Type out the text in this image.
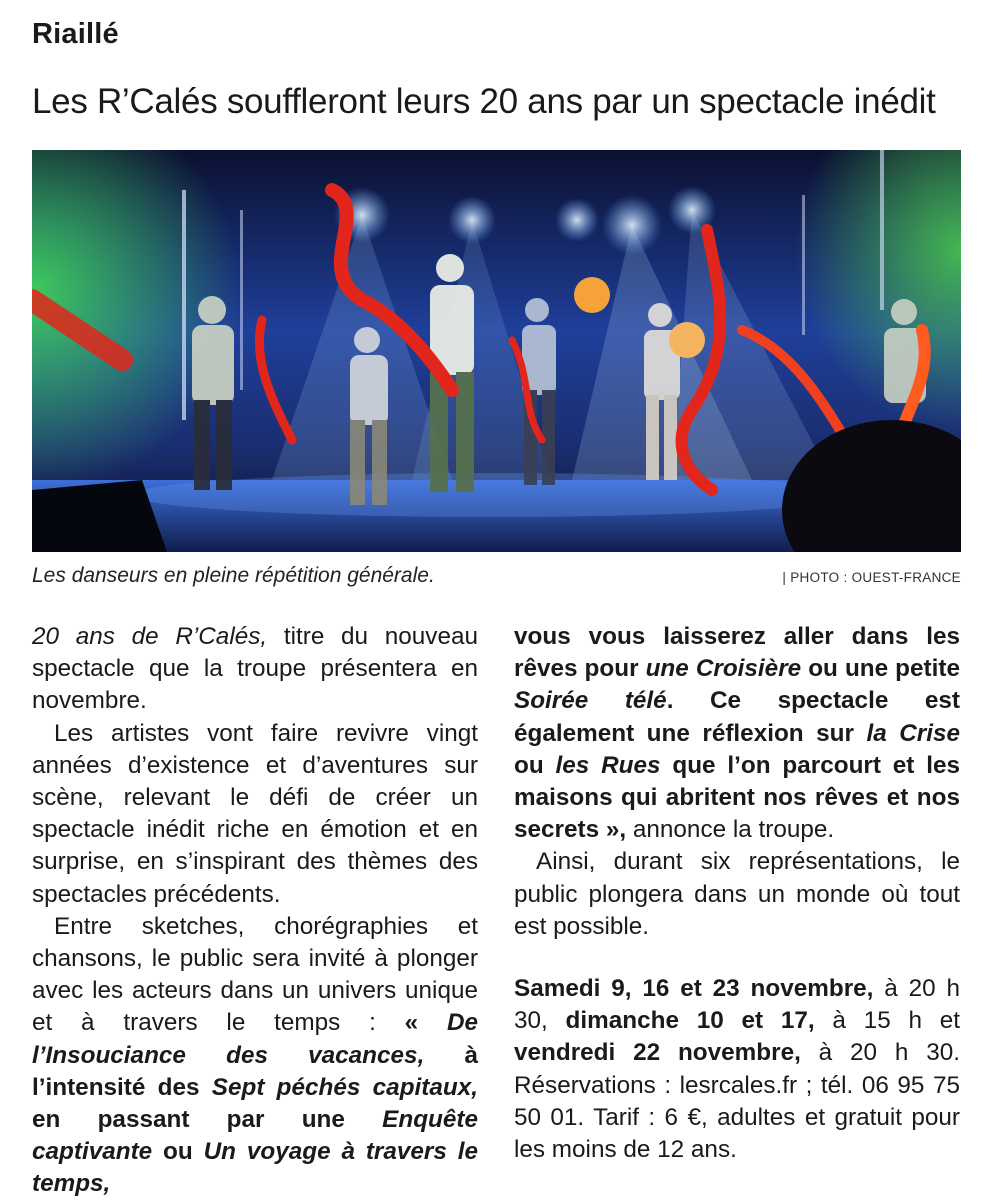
Riaillé
Les R’Calés souffleront leurs 20 ans par un spectacle inédit
Les danseurs en pleine répétition générale.	| PHOTO : OUEST-FRANCE

20 ans de R’Calés, titre du nouveau spectacle que la troupe présentera en novembre.

Les artistes vont faire revivre vingt années d’existence et d’aventures sur scène, relevant le défi de créer un spectacle inédit riche en émotion et en surprise, en s’inspirant des thèmes des spectacles précédents.

Entre sketches, chorégraphies et chansons, le public sera invité à plonger avec les acteurs dans un univers unique et à travers le temps : « De l’Insouciance des vacances, à l’intensité des Sept péchés capitaux, en passant par une Enquête captivante ou Un voyage à travers le temps,

vous vous laisserez aller dans les rêves pour une Croisière ou une petite Soirée télé. Ce spectacle est également une réflexion sur la Crise ou les Rues que l’on parcourt et les maisons qui abritent nos rêves et nos secrets », annonce la troupe.

Ainsi, durant six représentations, le public plongera dans un monde où tout est possible.

Samedi 9, 16 et 23 novembre, à 20 h 30, dimanche 10 et 17, à 15 h et vendredi 22 novembre, à 20 h 30. Réservations : lesrcales.fr ; tél. 06 95 75 50 01. Tarif : 6 €, adultes et gratuit pour les moins de 12 ans.
